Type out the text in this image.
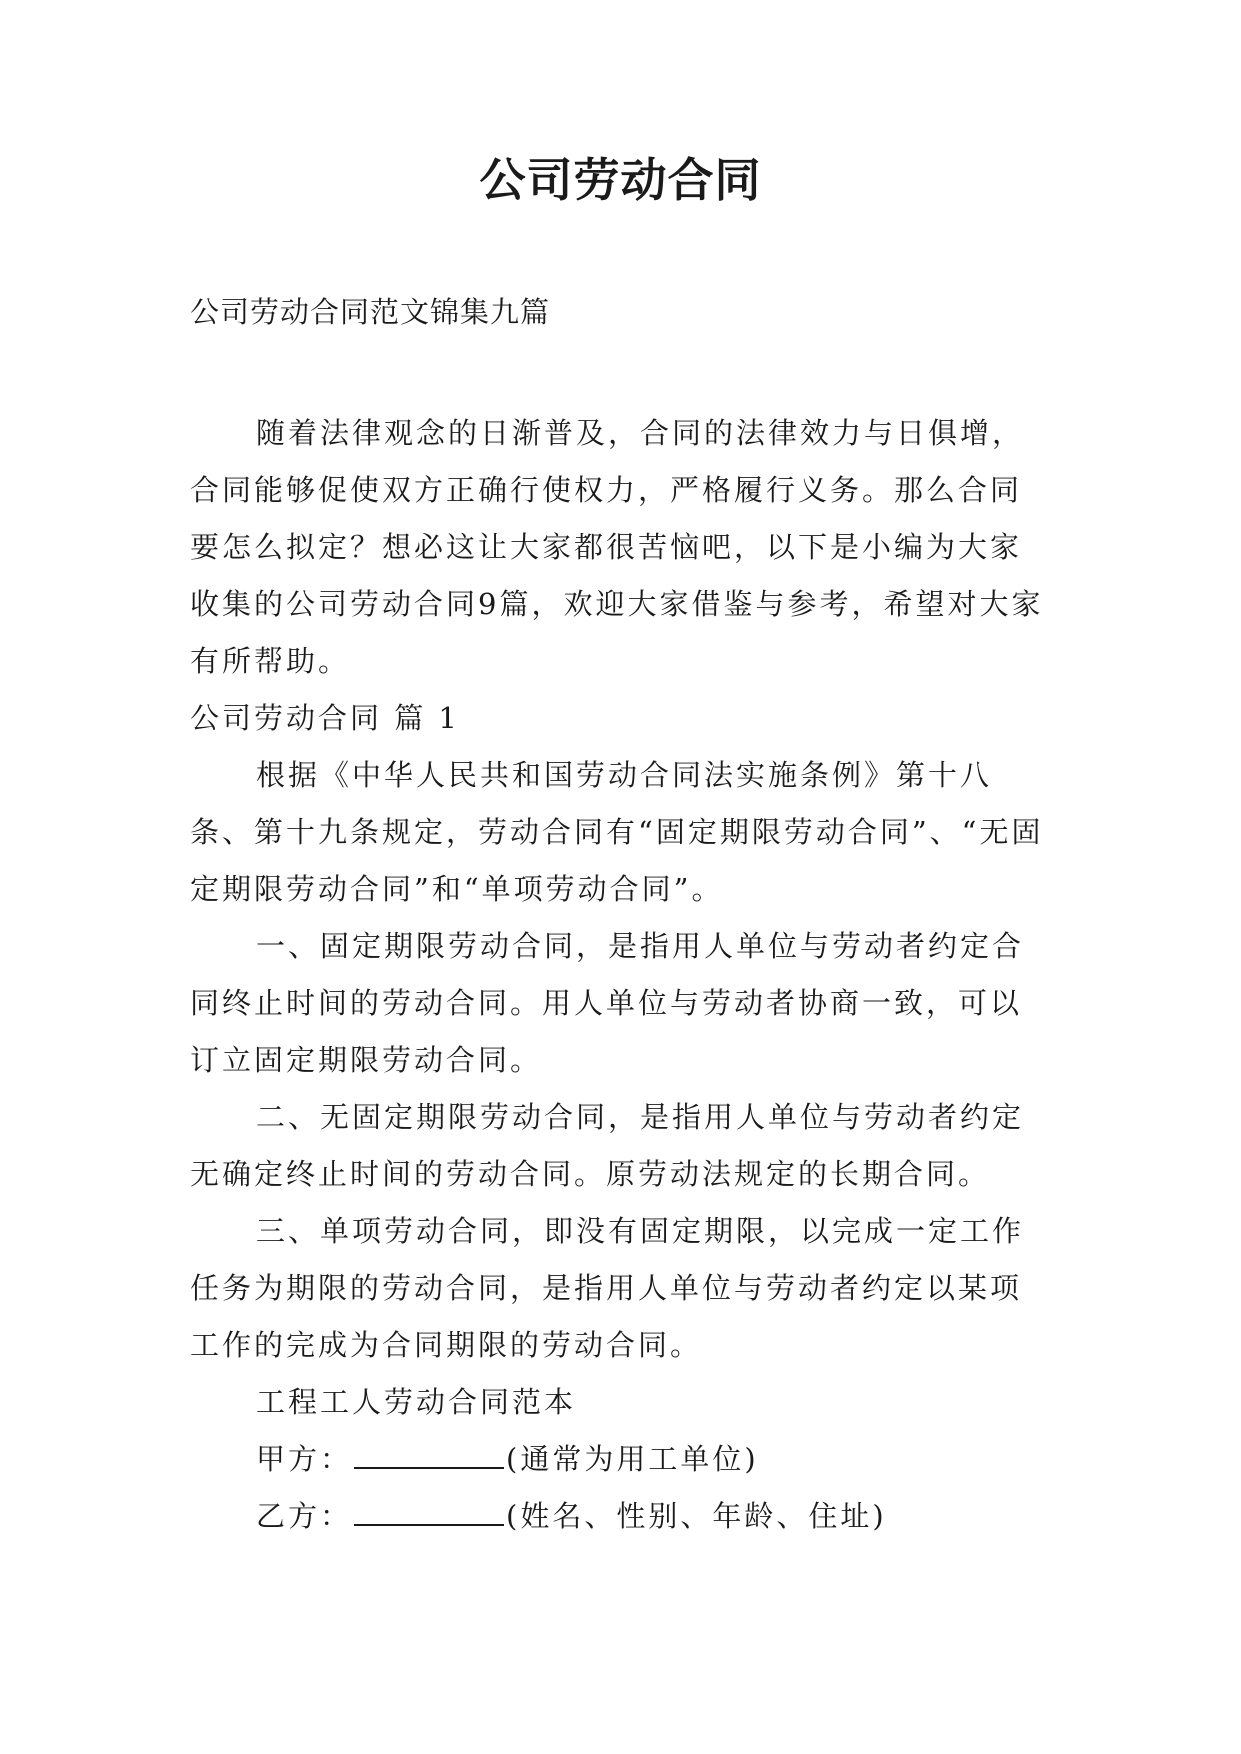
公司劳动合同
公司劳动合同范文锦集九篇

随着法律观念的日渐普及，合同的法律效力与日俱增，合同能够促使双方正确行使权力，严格履行义务。那么合同要怎么拟定？想必这让大家都很苦恼吧，以下是小编为大家收集的公司劳动合同9篇，欢迎大家借鉴与参考，希望对大家有所帮助。

公司劳动合同 篇 1

根据《中华人民共和国劳动合同法实施条例》第十八条、第十九条规定，劳动合同有“固定期限劳动合同”、“无固定期限劳动合同”和“单项劳动合同”。

一、固定期限劳动合同，是指用人单位与劳动者约定合同终止时间的劳动合同。用人单位与劳动者协商一致，可以订立固定期限劳动合同。

二、无固定期限劳动合同，是指用人单位与劳动者约定无确定终止时间的劳动合同。原劳动法规定的长期合同。

三、单项劳动合同，即没有固定期限，以完成一定工作任务为期限的劳动合同，是指用人单位与劳动者约定以某项工作的完成为合同期限的劳动合同。

工程工人劳动合同范本

甲方：	(通常为用工单位)

乙方：	(姓名、性别、年龄、住址)
